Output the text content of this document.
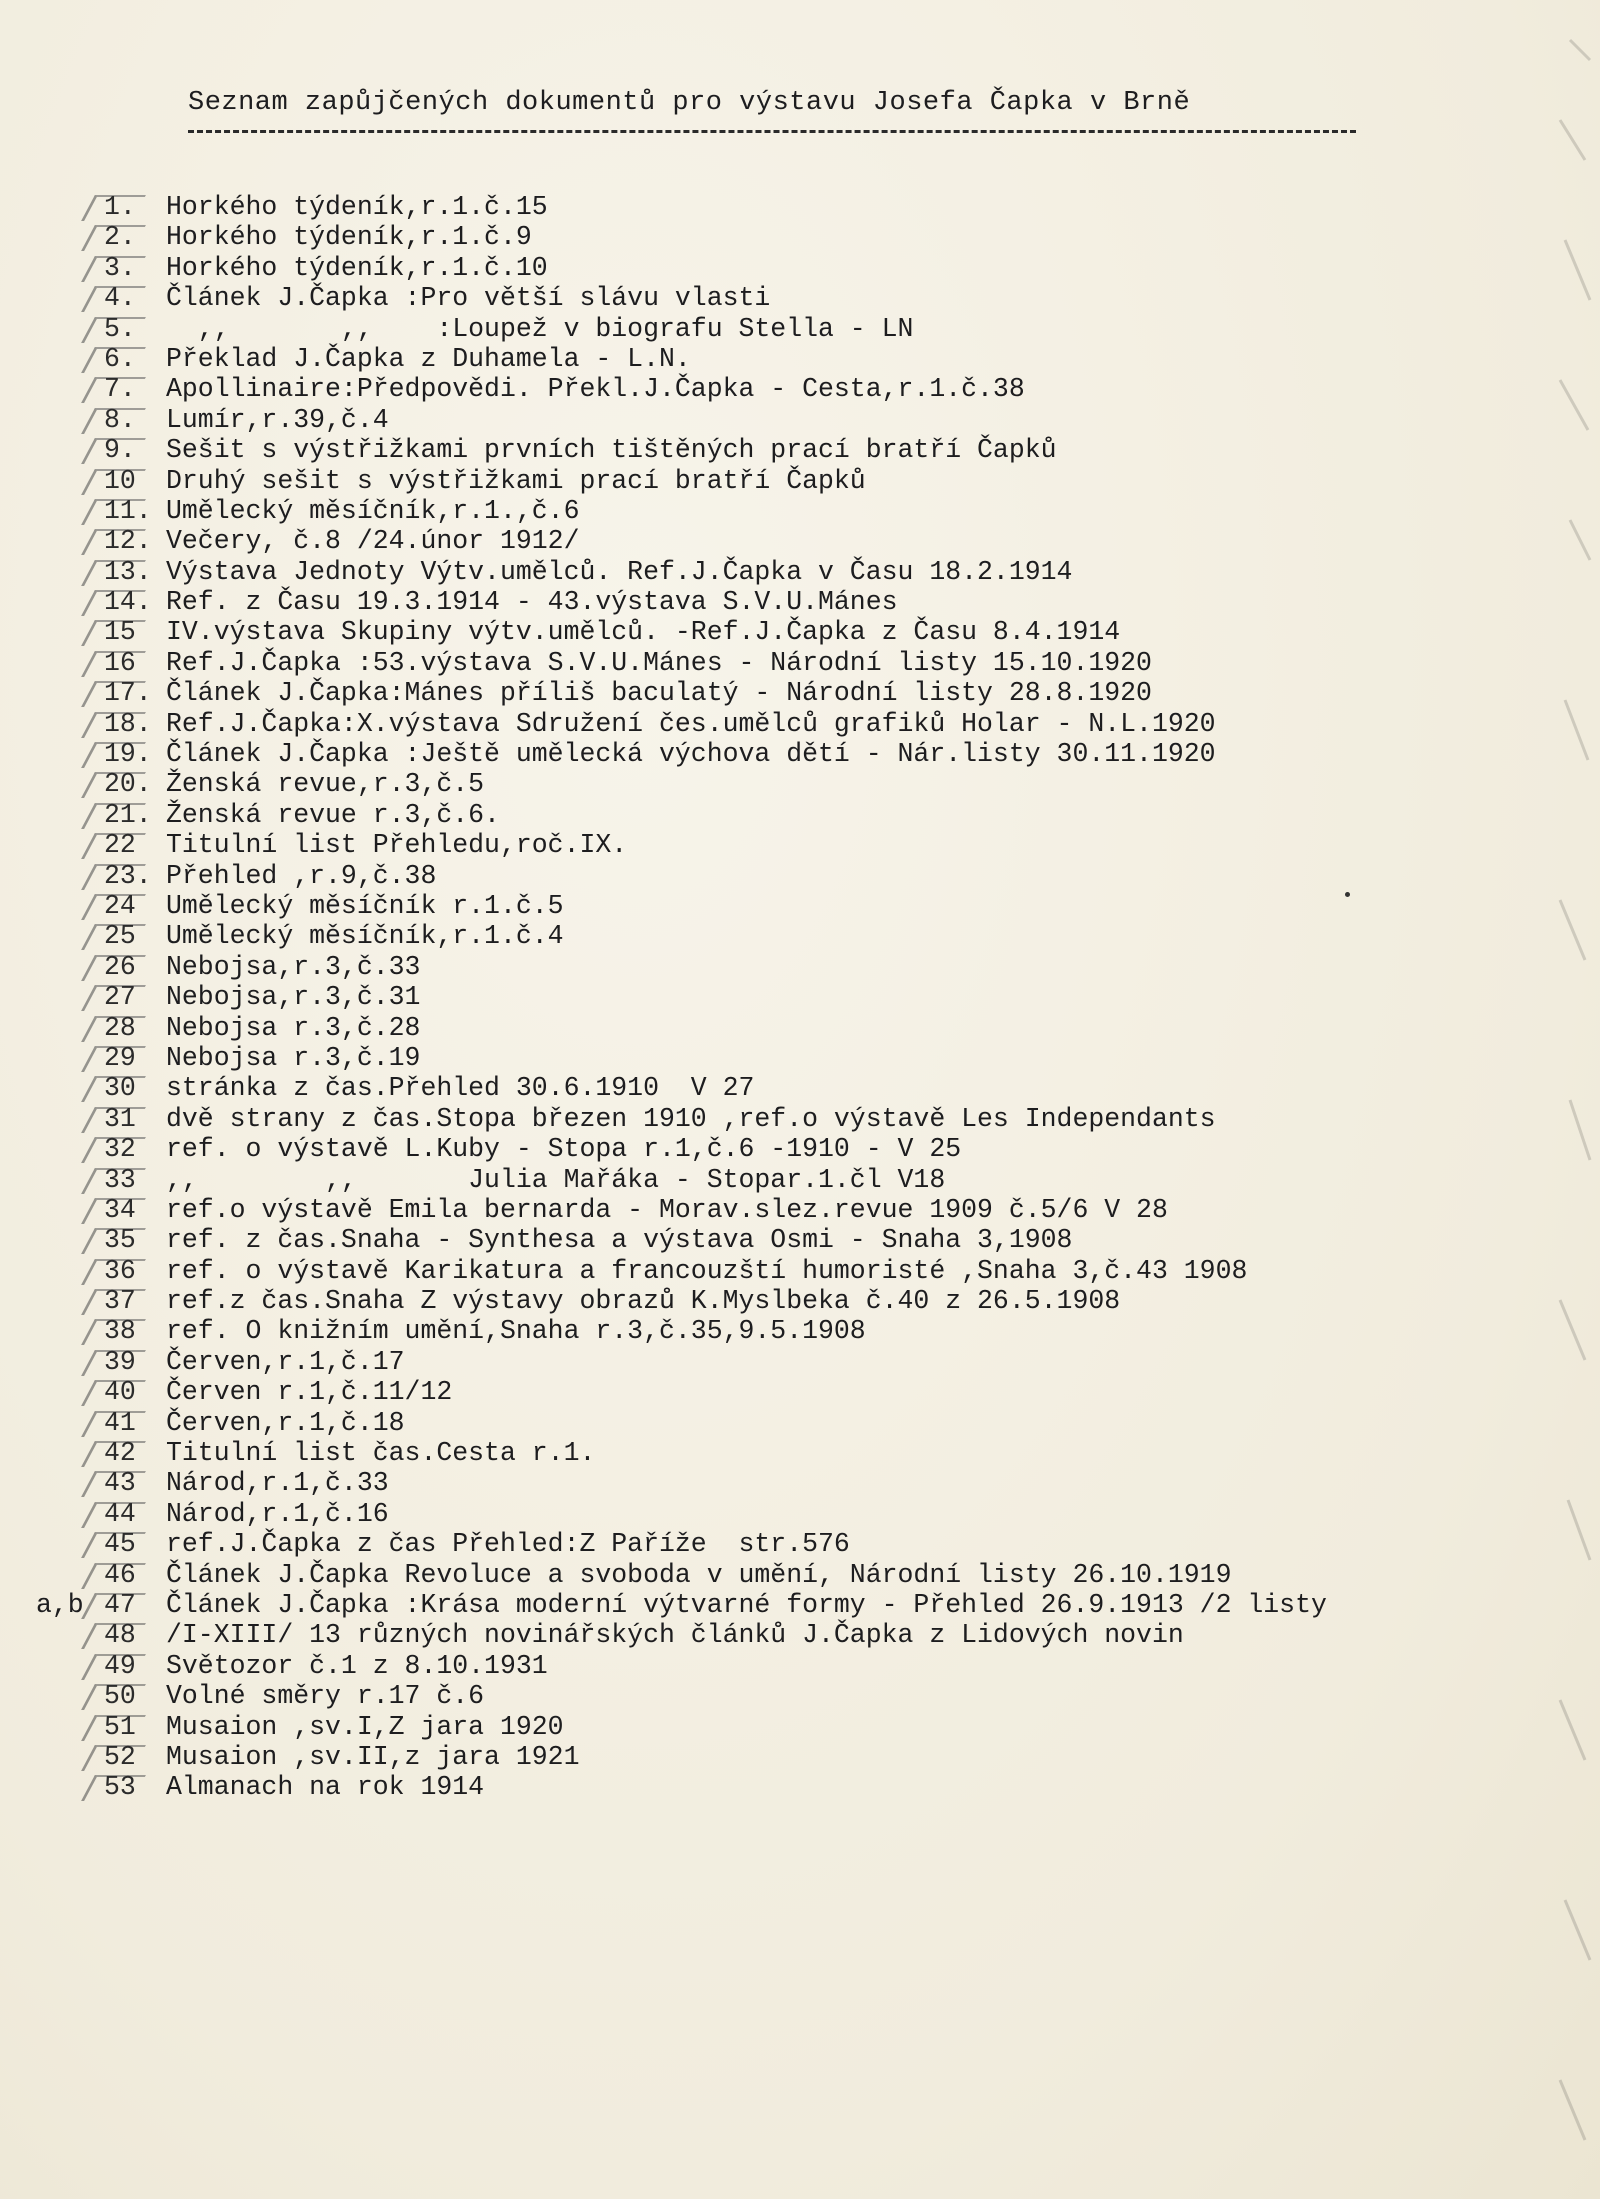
Seznam zapůjčených dokumentů pro výstavu Josefa Čapka v Brně
1.	Horkého týdeník,r.1.č.15
2.	Horkého týdeník,r.1.č.9
3.	Horkého týdeník,r.1.č.10
4.	Článek J.Čapka :Pro větší slávu vlasti
5.	,,       ,,    :Loupež v biografu Stella - LN
6.	Překlad J.Čapka z Duhamela - L.N.
7.	Apollinaire:Předpovědi. Překl.J.Čapka - Cesta,r.1.č.38
8.	Lumír,r.39,č.4
9.	Sešit s výstřižkami prvních tištěných prací bratří Čapků
10	Druhý sešit s výstřižkami prací bratří Čapků
11. Umělecký měsíčník,r.1.,č.6
12. Večery, č.8 /24.únor 1912/
13. Výstava Jednoty Výtv.umělců. Ref.J.Čapka v Času 18.2.1914
14. Ref. z Času 19.3.1914 - 43.výstava S.V.U.Mánes
15	IV.výstava Skupiny výtv.umělců. -Ref.J.Čapka z Času 8.4.1914
16	Ref.J.Čapka :53.výstava S.V.U.Mánes - Národní listy 15.10.1920
17. Článek J.Čapka:Mánes příliš baculatý - Národní listy 28.8.1920
18. Ref.J.Čapka:X.výstava Sdružení čes.umělců grafiků Holar - N.L.1920
19. Článek J.Čapka :Ještě umělecká výchova dětí - Nár.listy 30.11.1920
20. Ženská revue,r.3,č.5
21. Ženská revue r.3,č.6.
22	Titulní list Přehledu,roč.IX.
23. Přehled ,r.9,č.38
24	Umělecký měsíčník r.1.č.5
25	Umělecký měsíčník,r.1.č.4
26	Nebojsa,r.3,č.33
27	Nebojsa,r.3,č.31
28	Nebojsa r.3,č.28
29	Nebojsa r.3,č.19
30	stránka z čas.Přehled 30.6.1910  V 27
31	dvě strany z čas.Stopa březen 1910 ,ref.o výstavě Les Independants
32	ref. o výstavě L.Kuby - Stopa r.1,č.6 -1910 - V 25
33	,,        ,,       Julia Mařáka - Stopar.1.čl V18
34	ref.o výstavě Emila bernarda - Morav.slez.revue 1909 č.5/6 V 28
35	ref. z čas.Snaha - Synthesa a výstava Osmi - Snaha 3,1908
36	ref. o výstavě Karikatura a francouzští humoristé ,Snaha 3,č.43 1908
37	ref.z čas.Snaha Z výstavy obrazů K.Myslbeka č.40 z 26.5.1908
38	ref. O knižním umění,Snaha r.3,č.35,9.5.1908
39	Červen,r.1,č.17
40	Červen r.1,č.11/12
41	Červen,r.1,č.18
42	Titulní list čas.Cesta r.1.
43	Národ,r.1,č.33
44	Národ,r.1,č.16
45	ref.J.Čapka z čas Přehled:Z Paříže  str.576
46	Článek J.Čapka Revoluce a svoboda v umění, Národní listy 26.10.1919
47	Článek J.Čapka :Krása moderní výtvarné formy - Přehled 26.9.1913 /2 listy
a,b
48	/I-XIII/ 13 různých novinářských článků J.Čapka z Lidových novin
49	Světozor č.1 z 8.10.1931
50	Volné směry r.17 č.6
51	Musaion ,sv.I,Z jara 1920
52	Musaion ,sv.II,z jara 1921
53	Almanach na rok 1914
